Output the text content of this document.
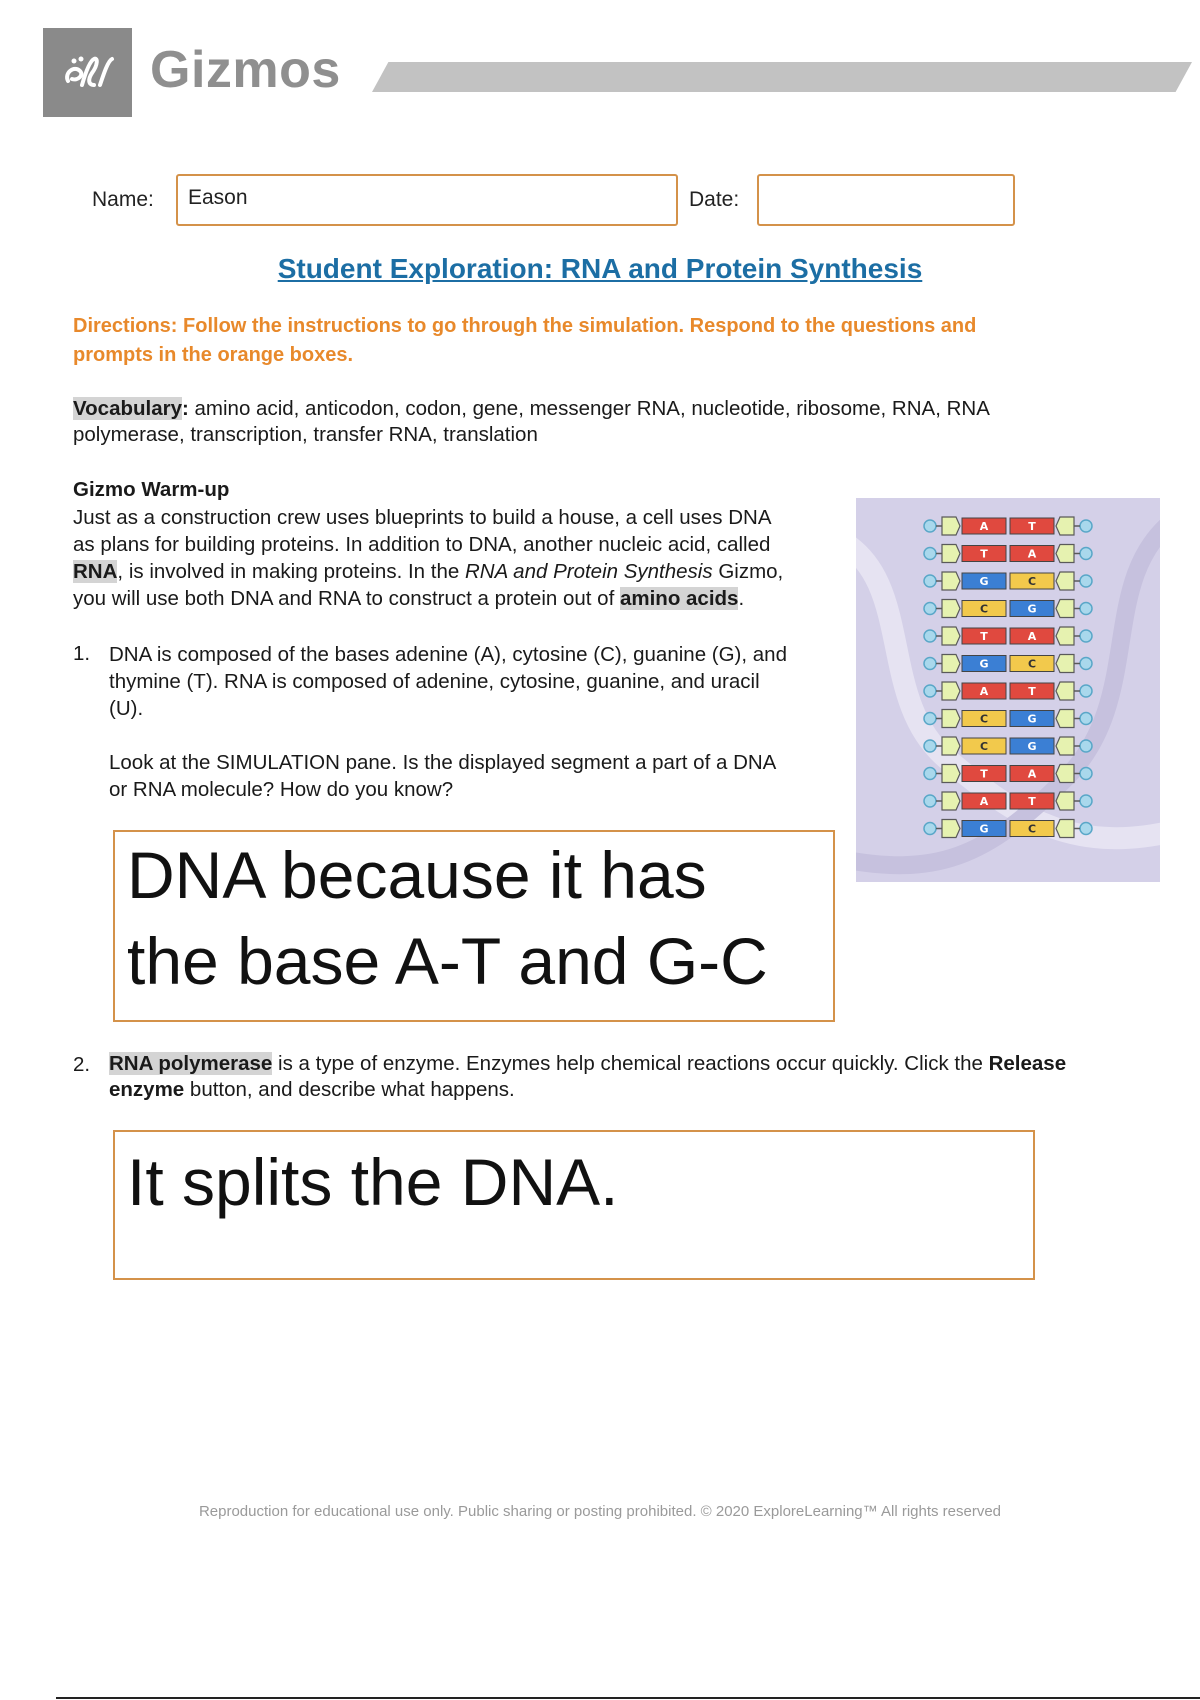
Gizmos
Name:	Eason	Date:
Student Exploration: RNA and Protein Synthesis
Directions: Follow the instructions to go through the simulation. Respond to the questions and
prompts in the orange boxes.
Vocabulary: amino acid, anticodon, codon, gene, messenger RNA, nucleotide, ribosome, RNA, RNA
polymerase, transcription, transfer RNA, translation
Gizmo Warm-up
Just as a construction crew uses blueprints to build a house, a cell uses DNA
as plans for building proteins. In addition to DNA, another nucleic acid, called
RNA, is involved in making proteins. In the RNA and Protein Synthesis Gizmo,
you will use both DNA and RNA to construct a protein out of amino acids.
A	T
T	A
G	C
C	G
T	A
G	C
A	T
C	G
C	G
T	A
A	T
G	C
1. DNA is composed of the bases adenine (A), cytosine (C), guanine (G), and
thymine (T). RNA is composed of adenine, cytosine, guanine, and uracil
(U).
Look at the SIMULATION pane. Is the displayed segment a part of a DNA
or RNA molecule? How do you know?
DNA because it has
the base A-T and G-C
2. RNA polymerase is a type of enzyme. Enzymes help chemical reactions occur quickly. Click the Release
enzyme button, and describe what happens.
It splits the DNA.
Reproduction for educational use only. Public sharing or posting prohibited. © 2020 ExploreLearning™ All rights reserved
